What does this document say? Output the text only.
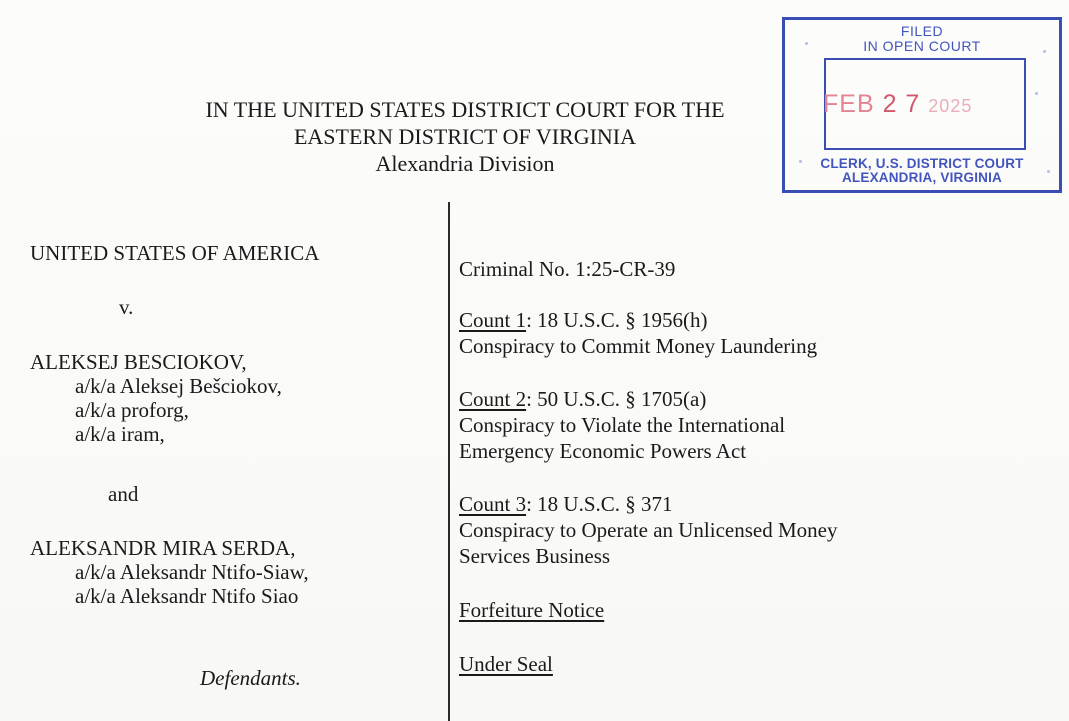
IN THE UNITED STATES DISTRICT COURT FOR THE
EASTERN DISTRICT OF VIRGINIA
Alexandria Division
FILED
IN OPEN COURT
FEB 2 7 2025
CLERK, U.S. DISTRICT COURT
ALEXANDRIA, VIRGINIA
UNITED STATES OF AMERICA
v.
ALEKSEJ BESCIOKOV,
a/k/a Aleksej Bešciokov,
a/k/a proforg,
a/k/a iram,
and
ALEKSANDR MIRA SERDA,
a/k/a Aleksandr Ntifo-Siaw,
a/k/a Aleksandr Ntifo Siao
Defendants.
Criminal No. 1:25-CR-39
Count 1: 18 U.S.C. § 1956(h)
Conspiracy to Commit Money Laundering
Count 2: 50 U.S.C. § 1705(a)
Conspiracy to Violate the International
Emergency Economic Powers Act
Count 3: 18 U.S.C. § 371
Conspiracy to Operate an Unlicensed Money
Services Business
Forfeiture Notice
Under Seal
